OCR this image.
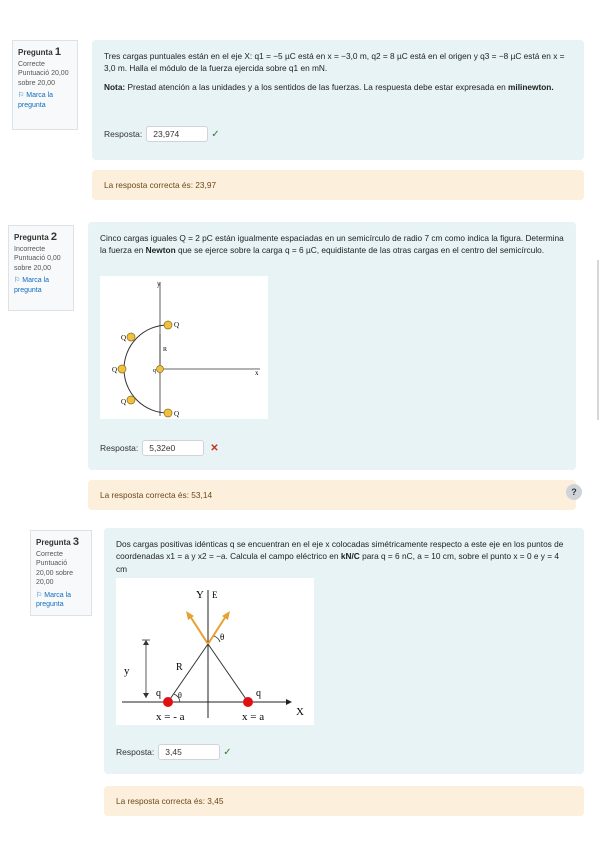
Pregunta 1
Correcte
Puntuació 20,00 sobre 20,00
⚐ Marca la pregunta
Tres cargas puntuales están en el eje X: q1 = −5 µC está en x = −3,0 m, q2 = 8 µC está en el origen y q3 = −8 µC está en x = 3,0 m. Halla el módulo de la fuerza ejercida sobre q1 en mN.
Nota: Prestad atención a las unidades y a los sentidos de las fuerzas. La respuesta debe estar expresada en milinewton.
Resposta:	23,974	✓
La resposta correcta és: 23,97
Pregunta 2
Incorrecte
Puntuació 0,00 sobre 20,00
⚐ Marca la pregunta
Cinco cargas iguales Q = 2 pC están igualmente espaciadas en un semicírculo de radio 7 cm como indica la figura. Determina la fuerza en Newton que se ejerce sobre la carga q = 6 µC, equidistante de las otras cargas en el centro del semicírculo.
y
x
Q
Q
Q
Q
Q
q
R
Resposta:	5,32e0	✕
La resposta correcta és: 53,14	?
Pregunta 3
Correcte
Puntuació 20,00 sobre 20,00
⚐ Marca la pregunta
Dos cargas positivas idénticas q se encuentran en el eje x colocadas simétricamente respecto a este eje en los puntos de coordenadas x1 = a y x2 = −a. Calcula el campo eléctrico en kN/C para q = 6 nC, a = 10 cm, sobre el punto x = 0 e y = 4 cm
Y E
θ
y	R
q	q
θ
x = - a	x = a	X
Resposta:	3,45	✓
La resposta correcta és: 3,45
